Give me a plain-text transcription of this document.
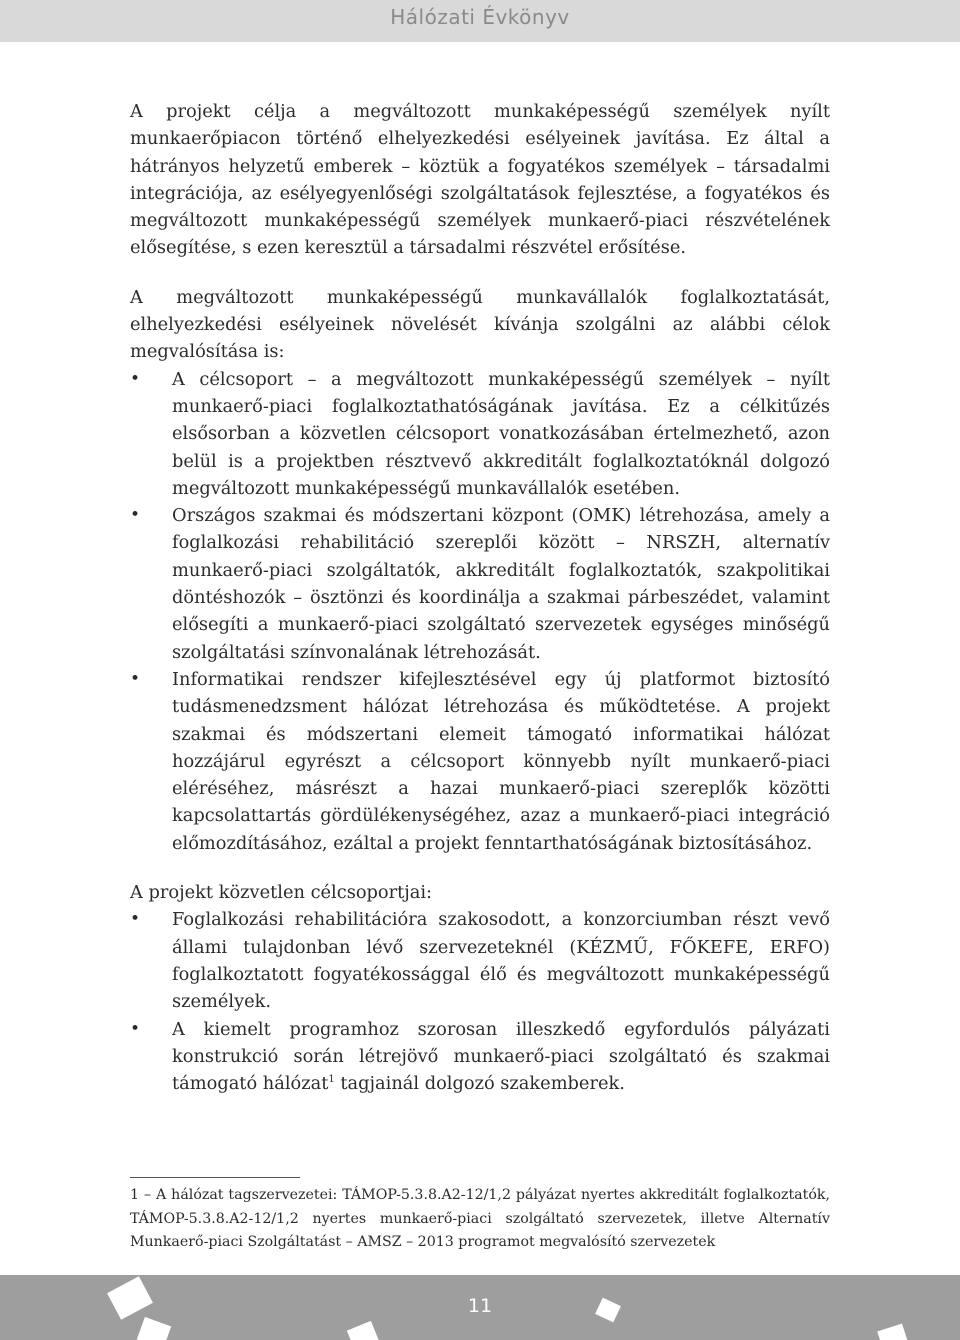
Hálózati Évkönyv

A projekt célja a megváltozott munkaképességű személyek nyílt munkaerőpiacon történő elhelyezkedési esélyeinek javítása. Ez által a hátrányos helyzetű emberek – köztük a fogyatékos személyek – társadalmi integrációja, az esélyegyenlőségi szolgáltatások fejlesztése, a fogyatékos és megváltozott munkaképességű személyek munkaerő-piaci részvételének elősegítése, s ezen keresztül a társadalmi részvétel erősítése.

A megváltozott munkaképességű munkavállalók foglalkoztatását, elhelyezkedési esélyeinek növelését kívánja szolgálni az alábbi célok megvalósítása is:

• A célcsoport – a megváltozott munkaképességű személyek – nyílt munkaerő-piaci foglalkoztathatóságának javítása. Ez a célkitűzés elsősorban a közvetlen célcsoport vonatkozásában értelmezhető, azon belül is a projektben résztvevő akkreditált foglalkoztatóknál dolgozó megváltozott munkaképességű munkavállalók esetében.
• Országos szakmai és módszertani központ (OMK) létrehozása, amely a foglalkozási rehabilitáció szereplői között – NRSZH, alternatív munkaerő-piaci szolgáltatók, akkreditált foglalkoztatók, szakpolitikai döntéshozók – ösztönzi és koordinálja a szakmai párbeszédet, valamint elősegíti a munkaerő-piaci szolgáltató szervezetek egységes minőségű szolgáltatási színvonalának létrehozását.
• Informatikai rendszer kifejlesztésével egy új platformot biztosító tudásmenedzsment hálózat létrehozása és működtetése. A projekt szakmai és módszertani elemeit támogató informatikai hálózat hozzájárul egyrészt a célcsoport könnyebb nyílt munkaerő-piaci eléréséhez, másrészt a hazai munkaerő-piaci szereplők közötti kapcsolattartás gördülékenységéhez, azaz a munkaerő-piaci integráció előmozdításához, ezáltal a projekt fenntarthatóságának biztosításához.

A projekt közvetlen célcsoportjai:

• Foglalkozási rehabilitációra szakosodott, a konzorciumban részt vevő állami tulajdonban lévő szervezeteknél (KÉZMŰ, FŐKEFE, ERFO) foglalkoztatott fogyatékossággal élő és megváltozott munkaképességű személyek.
• A kiemelt programhoz szorosan illeszkedő egyfordulós pályázati konstrukció során létrejövő munkaerő-piaci szolgáltató és szakmai támogató hálózat$^1$ tagjainál dolgozó szakemberek.
1 – A hálózat tagszervezetei: TÁMOP-5.3.8.A2-12/1,2 pályázat nyertes akkreditált foglalkoztatók, TÁMOP-5.3.8.A2-12/1,2 nyertes munkaerő-piaci szolgáltató szervezetek, illetve Alternatív Munkaerő-piaci Szolgáltatást – AMSZ – 2013 programot megvalósító szervezetek
11
